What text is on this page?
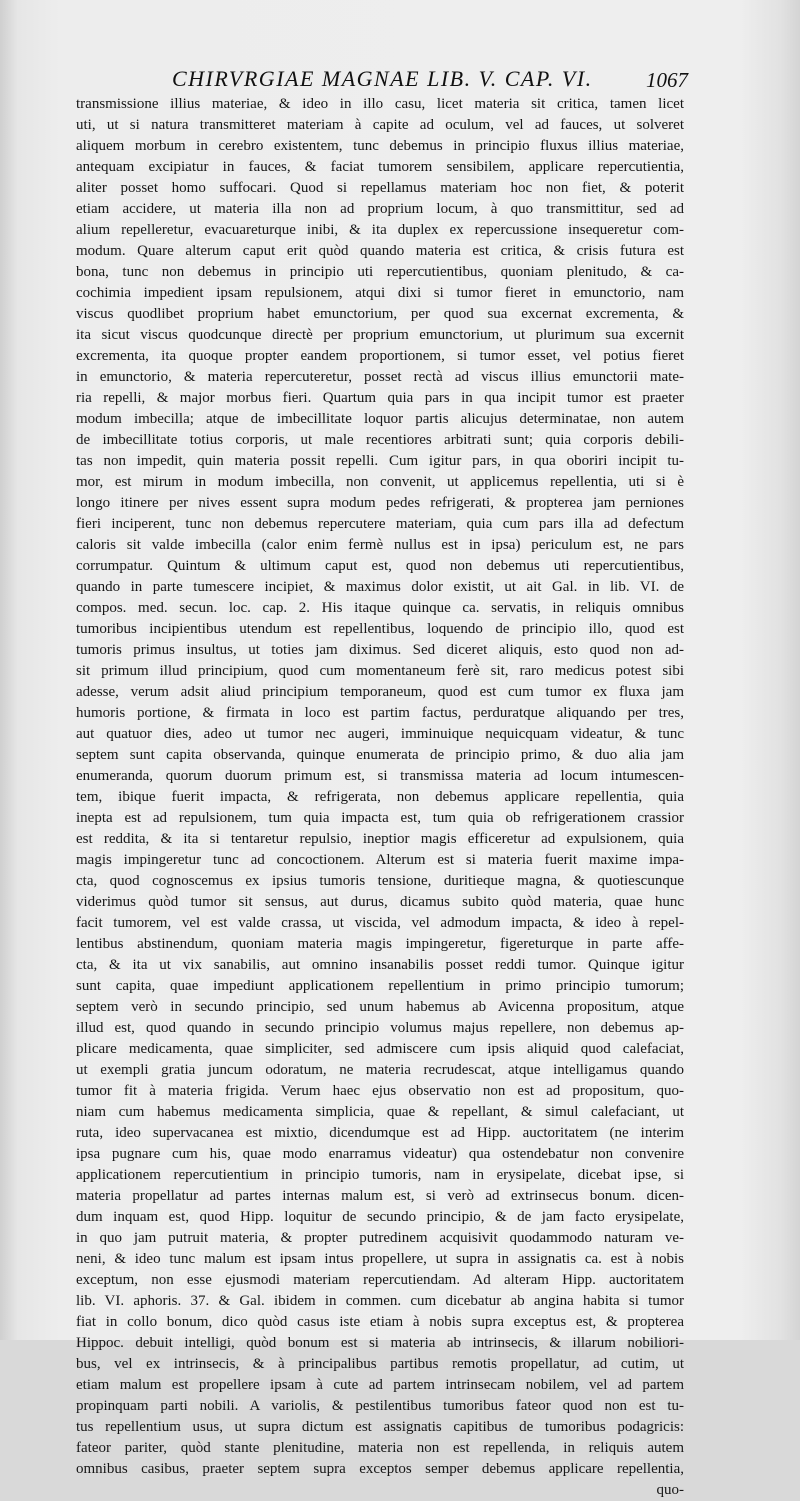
CHIRVRGIAE MAGNAE LIB. V. CAP. VI.	1067
transmissione illius materiae, & ideo in illo casu, licet materia sit critica, tamen licet
uti, ut si natura transmitteret materiam à capite ad oculum, vel ad fauces, ut solveret
aliquem morbum in cerebro existentem, tunc debemus in principio fluxus illius materiae,
antequam excipiatur in fauces, & faciat tumorem sensibilem, applicare repercutientia,
aliter posset homo suffocari. Quod si repellamus materiam hoc non fiet, & poterit
etiam accidere, ut materia illa non ad proprium locum, à quo transmittitur, sed ad
alium repelleretur, evacuareturque inibi, & ita duplex ex repercussione insequeretur com-
modum. Quare alterum caput erit quòd quando materia est critica, & crisis futura est
bona, tunc non debemus in principio uti repercutientibus, quoniam plenitudo, & ca-
cochimia impedient ipsam repulsionem, atqui dixi si tumor fieret in emunctorio, nam
viscus quodlibet proprium habet emunctorium, per quod sua excernat excrementa, &
ita sicut viscus quodcunque directè per proprium emunctorium, ut plurimum sua excernit
excrementa, ita quoque propter eandem proportionem, si tumor esset, vel potius fieret
in emunctorio, & materia repercuteretur, posset rectà ad viscus illius emunctorii mate-
ria repelli, & major morbus fieri. Quartum quia pars in qua incipit tumor est praeter
modum imbecilla; atque de imbecillitate loquor partis alicujus determinatae, non autem
de imbecillitate totius corporis, ut male recentiores arbitrati sunt; quia corporis debili-
tas non impedit, quin materia possit repelli. Cum igitur pars, in qua oboriri incipit tu-
mor, est mirum in modum imbecilla, non convenit, ut applicemus repellentia, uti si è
longo itinere per nives essent supra modum pedes refrigerati, & propterea jam perniones
fieri inciperent, tunc non debemus repercutere materiam, quia cum pars illa ad defectum
caloris sit valde imbecilla (calor enim fermè nullus est in ipsa) periculum est, ne pars
corrumpatur. Quintum & ultimum caput est, quod non debemus uti repercutientibus,
quando in parte tumescere incipiet, & maximus dolor existit, ut ait Gal. in lib. VI. de
compos. med. secun. loc. cap. 2. His itaque quinque ca. servatis, in reliquis omnibus
tumoribus incipientibus utendum est repellentibus, loquendo de principio illo, quod est
tumoris primus insultus, ut toties jam diximus. Sed diceret aliquis, esto quod non ad-
sit primum illud principium, quod cum momentaneum ferè sit, raro medicus potest sibi
adesse, verum adsit aliud principium temporaneum, quod est cum tumor ex fluxa jam
humoris portione, & firmata in loco est partim factus, perduratque aliquando per tres,
aut quatuor dies, adeo ut tumor nec augeri, imminuique nequicquam videatur, & tunc
septem sunt capita observanda, quinque enumerata de principio primo, & duo alia jam
enumeranda, quorum duorum primum est, si transmissa materia ad locum intumescen-
tem, ibique fuerit impacta, & refrigerata, non debemus applicare repellentia, quia
inepta est ad repulsionem, tum quia impacta est, tum quia ob refrigerationem crassior
est reddita, & ita si tentaretur repulsio, ineptior magis efficeretur ad expulsionem, quia
magis impingeretur tunc ad concoctionem. Alterum est si materia fuerit maxime impa-
cta, quod cognoscemus ex ipsius tumoris tensione, duritieque magna, & quotiescunque
viderimus quòd tumor sit sensus, aut durus, dicamus subito quòd materia, quae hunc
facit tumorem, vel est valde crassa, ut viscida, vel admodum impacta, & ideo à repel-
lentibus abstinendum, quoniam materia magis impingeretur, figereturque in parte affe-
cta, & ita ut vix sanabilis, aut omnino insanabilis posset reddi tumor. Quinque igitur
sunt capita, quae impediunt applicationem repellentium in primo principio tumorum;
septem verò in secundo principio, sed unum habemus ab Avicenna propositum, atque
illud est, quod quando in secundo principio volumus majus repellere, non debemus ap-
plicare medicamenta, quae simpliciter, sed admiscere cum ipsis aliquid quod calefaciat,
ut exempli gratia juncum odoratum, ne materia recrudescat, atque intelligamus quando
tumor fit à materia frigida. Verum haec ejus observatio non est ad propositum, quo-
niam cum habemus medicamenta simplicia, quae & repellant, & simul calefaciant, ut
ruta, ideo supervacanea est mixtio, dicendumque est ad Hipp. auctoritatem (ne interim
ipsa pugnare cum his, quae modo enarramus videatur) qua ostendebatur non convenire
applicationem repercutientium in principio tumoris, nam in erysipelate, dicebat ipse, si
materia propellatur ad partes internas malum est, si verò ad extrinsecus bonum. dicen-
dum inquam est, quod Hipp. loquitur de secundo principio, & de jam facto erysipelate,
in quo jam putruit materia, & propter putredinem acquisivit quodammodo naturam ve-
neni, & ideo tunc malum est ipsam intus propellere, ut supra in assignatis ca. est à nobis
exceptum, non esse ejusmodi materiam repercutiendam. Ad alteram Hipp. auctoritatem
lib. VI. aphoris. 37. & Gal. ibidem in commen. cum dicebatur ab angina habita si tumor
fiat in collo bonum, dico quòd casus iste etiam à nobis supra exceptus est, & propterea
Hippoc. debuit intelligi, quòd bonum est si materia ab intrinsecis, & illarum nobiliori-
bus, vel ex intrinsecis, & à principalibus partibus remotis propellatur, ad cutim, ut
etiam malum est propellere ipsam à cute ad partem intrinsecam nobilem, vel ad partem
propinquam parti nobili. A variolis, & pestilentibus tumoribus fateor quod non est tu-
tus repellentium usus, ut supra dictum est assignatis capitibus de tumoribus podagricis:
fateor pariter, quòd stante plenitudine, materia non est repellenda, in reliquis autem
omnibus casibus, praeter septem supra exceptos semper debemus applicare repellentia,
quo-
